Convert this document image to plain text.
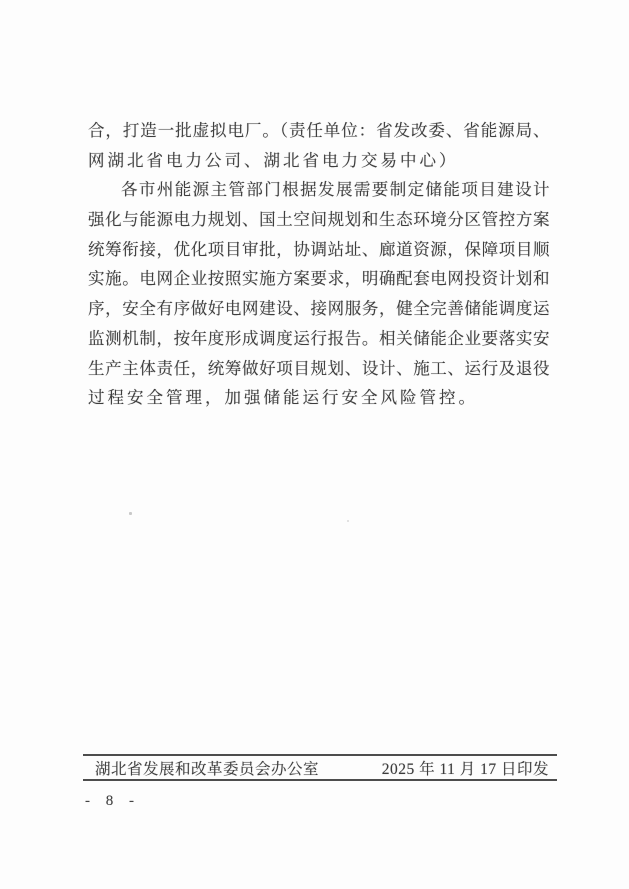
合，打造一批虚拟电厂。（责任单位：省发改委、省能源局、
网湖北省电力公司、湖北省电力交易中心）
各市州能源主管部门根据发展需要制定储能项目建设计
强化与能源电力规划、国土空间规划和生态环境分区管控方案
统筹衔接，优化项目审批，协调站址、廊道资源，保障项目顺
实施。电网企业按照实施方案要求，明确配套电网投资计划和
序，安全有序做好电网建设、接网服务，健全完善储能调度运
监测机制，按年度形成调度运行报告。相关储能企业要落实安
生产主体责任，统筹做好项目规划、设计、施工、运行及退役
过程安全管理，加强储能运行安全风险管控。
湖北省发展和改革委员会办公室	2025 年 11 月 17 日印发
- 8 -
